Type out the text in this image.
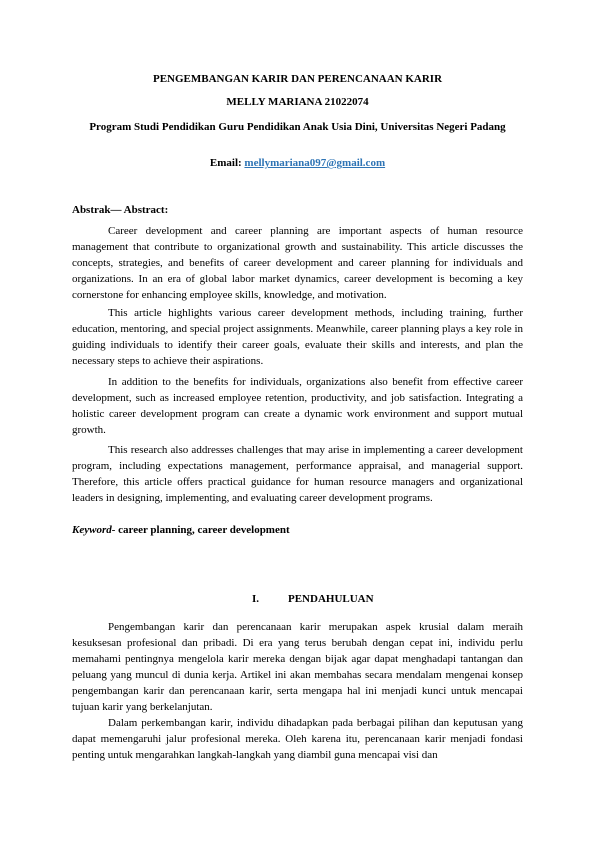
PENGEMBANGAN KARIR DAN PERENCANAAN KARIR
MELLY MARIANA 21022074
Program Studi Pendidikan Guru Pendidikan Anak Usia Dini, Universitas Negeri Padang
Email: mellymariana097@gmail.com
Abstrak— Abstract:

Career development and career planning are important aspects of human resource management that contribute to organizational growth and sustainability. This article discusses the concepts, strategies, and benefits of career development and career planning for individuals and organizations. In an era of global labor market dynamics, career development is becoming a key cornerstone for enhancing employee skills, knowledge, and motivation.

This article highlights various career development methods, including training, further education, mentoring, and special project assignments. Meanwhile, career planning plays a key role in guiding individuals to identify their career goals, evaluate their skills and interests, and plan the necessary steps to achieve their aspirations.

In addition to the benefits for individuals, organizations also benefit from effective career development, such as increased employee retention, productivity, and job satisfaction. Integrating a holistic career development program can create a dynamic work environment and support mutual growth.

This research also addresses challenges that may arise in implementing a career development program, including expectations management, performance appraisal, and managerial support. Therefore, this article offers practical guidance for human resource managers and organizational leaders in designing, implementing, and evaluating career development programs.

Keyword- career planning, career development
I.	PENDAHULUAN

Pengembangan karir dan perencanaan karir merupakan aspek krusial dalam meraih kesuksesan profesional dan pribadi. Di era yang terus berubah dengan cepat ini, individu perlu memahami pentingnya mengelola karir mereka dengan bijak agar dapat menghadapi tantangan dan peluang yang muncul di dunia kerja. Artikel ini akan membahas secara mendalam mengenai konsep pengembangan karir dan perencanaan karir, serta mengapa hal ini menjadi kunci untuk mencapai tujuan karir yang berkelanjutan.

Dalam perkembangan karir, individu dihadapkan pada berbagai pilihan dan keputusan yang dapat memengaruhi jalur profesional mereka. Oleh karena itu, perencanaan karir menjadi fondasi penting untuk mengarahkan langkah-langkah yang diambil guna mencapai visi dan
